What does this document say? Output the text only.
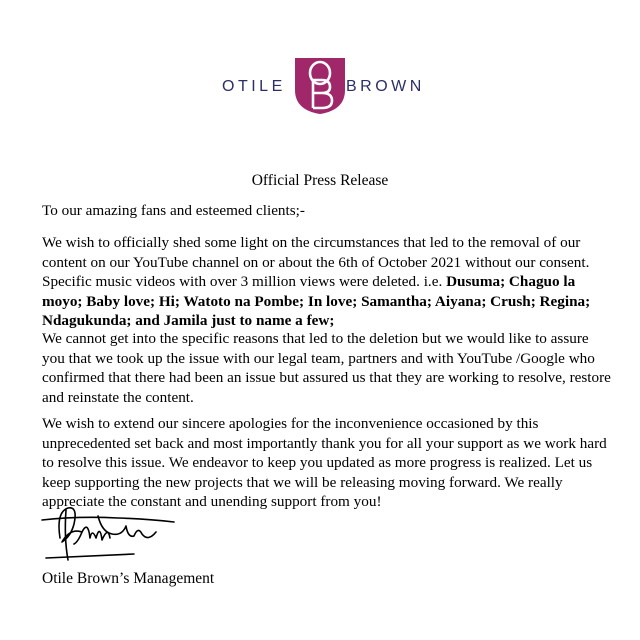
OTILE	BROWN
Official Press Release

To our amazing fans and esteemed clients;-

We wish to officially shed some light on the circumstances that led to the removal of our content on our YouTube channel on or about the 6th of October 2021 without our consent. Specific music videos with over 3 million views were deleted. i.e. Dusuma; Chaguo la moyo; Baby love; Hi; Watoto na Pombe; In love; Samantha; Aiyana; Crush; Regina; Ndagukunda; and Jamila just to name a few;

We cannot get into the specific reasons that led to the deletion but we would like to assure you that we took up the issue with our legal team, partners and with YouTube /Google who confirmed that there had been an issue but assured us that they are working to resolve, restore and reinstate the content.

We wish to extend our sincere apologies for the inconvenience occasioned by this unprecedented set back and most importantly thank you for all your support as we work hard to resolve this issue. We endeavor to keep you updated as more progress is realized. Let us keep supporting the new projects that we will be releasing moving forward. We really appreciate the constant and unending support from you!

Otile Brown’s Management
